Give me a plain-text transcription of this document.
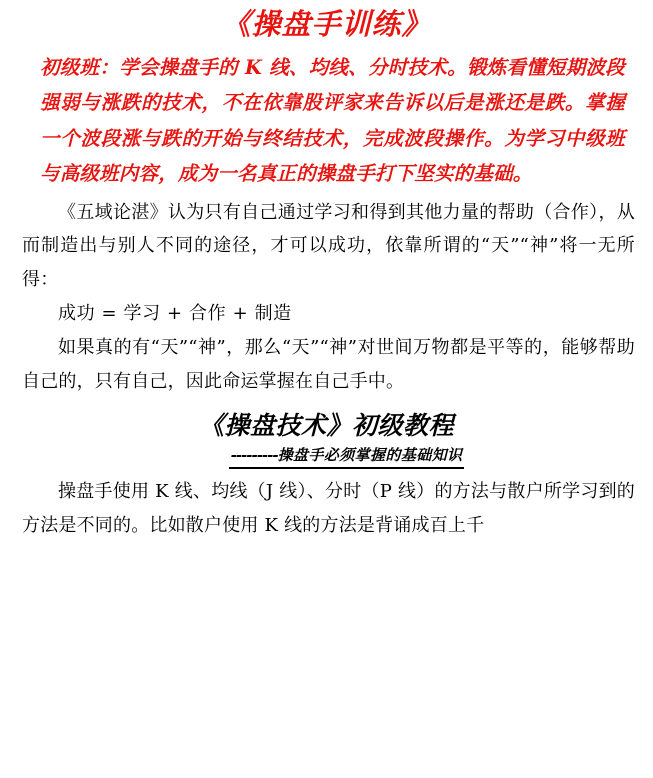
《操盘手训练》
初级班：学会操盘手的 K 线、均线、分时技术。锻炼看懂短期波段强弱与涨跌的技术，不在依靠股评家来告诉以后是涨还是跌。掌握一个波段涨与跌的开始与终结技术，完成波段操作。为学习中级班与高级班内容，成为一名真正的操盘手打下坚实的基础。
《五域论湛》认为只有自己通过学习和得到其他力量的帮助（合作），从而制造出与别人不同的途径，才可以成功，依靠所谓的“天”“神”将一无所得：
成功 = 学习 + 合作 + 制造
如果真的有“天”“神”，那么“天”“神”对世间万物都是平等的，能够帮助自己的，只有自己，因此命运掌握在自己手中。
《操盘技术》初级教程
---------操盘手必须掌握的基础知识
操盘手使用 K 线、均线（J 线）、分时（P 线）的方法与散户所学习到的方法是不同的。比如散户使用 K 线的方法是背诵成百上千
